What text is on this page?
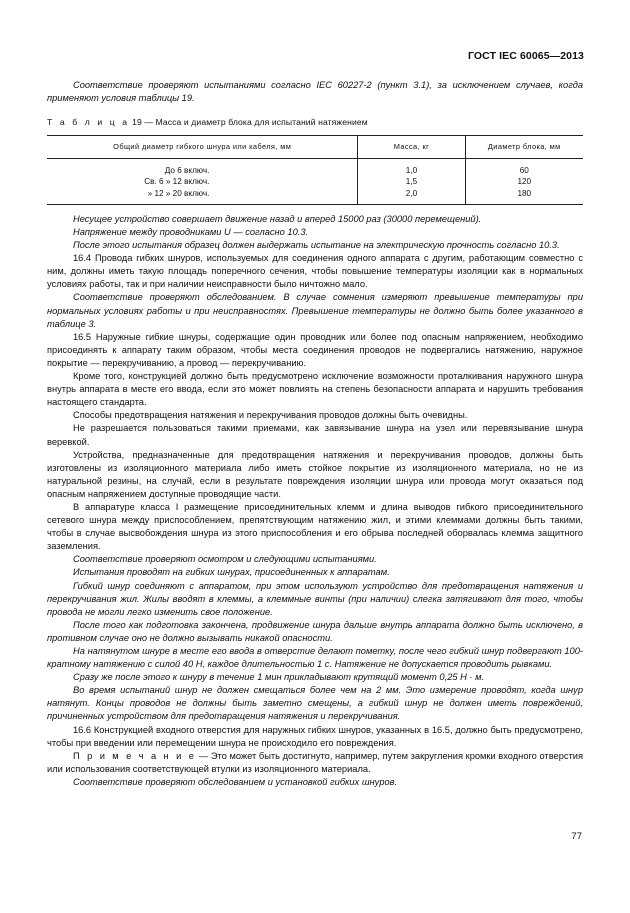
ГОСТ IEC 60065—2013

Соответствие проверяют испытаниями согласно IEC 60227-2 (пункт 3.1), за исключением случаев, когда применяют условия таблицы 19.

Т а б л и ц а 19 — Масса и диаметр блока для испытаний натяжением
Общий диаметр гибкого шнура или кабеля, мм	Масса, кг	Диаметр блока, мм
До 6 включ.	1,0	60
Св. 6 » 12 включ.	1,5	120
» 12 » 20 включ.	2,0	180

Несущее устройство совершает движение назад и вперед 15000 раз (30000 перемещений).

Напряжение между проводниками U — согласно 10.3.

После этого испытания образец должен выдержать испытание на электрическую прочность согласно 10.3.

16.4 Провода гибких шнуров, используемых для соединения одного аппарата с другим, работающим совместно с ним, должны иметь такую площадь поперечного сечения, чтобы повышение температуры изоляции как в нормальных условиях работы, так и при наличии неисправности было ничтожно мало.

Соответствие проверяют обследованием. В случае сомнения измеряют превышение температуры при нормальных условиях работы и при неисправностях. Превышение температуры не должно быть более указанного в таблице 3.

16.5 Наружные гибкие шнуры, содержащие один проводник или более под опасным напряжением, необходимо присоединять к аппарату таким образом, чтобы места соединения проводов не подвергались натяжению, наружное покрытие — перекручиванию, а провод — перекручиванию.

Кроме того, конструкцией должно быть предусмотрено исключение возможности проталкивания наружного шнура внутрь аппарата в месте его ввода, если это может повлиять на степень безопасности аппарата и нарушить требования настоящего стандарта.

Способы предотвращения натяжения и перекручивания проводов должны быть очевидны.

Не разрешается пользоваться такими приемами, как завязывание шнура на узел или перевязывание шнура веревкой.

Устройства, предназначенные для предотвращения натяжения и перекручивания проводов, должны быть изготовлены из изоляционного материала либо иметь стойкое покрытие из изоляционного материала, но не из натуральной резины, на случай, если в результате повреждения изоляции шнура или провода могут оказаться под опасным напряжением доступные проводящие части.

В аппаратуре класса I размещение присоединительных клемм и длина выводов гибкого присоединительного сетевого шнура между приспособлением, препятствующим натяжению жил, и этими клеммами должны быть такими, чтобы в случае высвобождения шнура из этого приспособления и его обрыва последней оборвалась клемма защитного заземления.

Соответствие проверяют осмотром и следующими испытаниями.

Испытания проводят на гибких шнурах, присоединенных к аппаратам.

Гибкий шнур соединяют с аппаратом, при этом используют устройство для предотвращения натяжения и перекручивания жил. Жилы вводят в клеммы, а клеммные винты (при наличии) слегка затягивают для того, чтобы провода не могли легко изменить свое положение.

После того как подготовка закончена, продвижение шнура дальше внутрь аппарата должно быть исключено, в противном случае оно не должно вызывать никакой опасности.

На натянутом шнуре в месте его ввода в отверстие делают пометку, после чего гибкий шнур подвергают 100-кратному натяжению с силой 40 Н, каждое длительностью 1 с. Натяжение не допускается проводить рывками.

Сразу же после этого к шнуру в течение 1 мин прикладывают крутящий момент 0,25 Н · м.

Во время испытаний шнур не должен смещаться более чем на 2 мм. Это измерение проводят, когда шнур натянут. Концы проводов не должны быть заметно смещены, а гибкий шнур не должен иметь повреждений, причиненных устройством для предотвращения натяжения и перекручивания.

16.6 Конструкцией входного отверстия для наружных гибких шнуров, указанных в 16.5, должно быть предусмотрено, чтобы при введении или перемещении шнура не происходило его повреждения.

П р и м е ч а н и е — Это может быть достигнуто, например, путем закругления кромки входного отверстия или использования соответствующей втулки из изоляционного материала.

Соответствие проверяют обследованием и установкой гибких шнуров.

77
